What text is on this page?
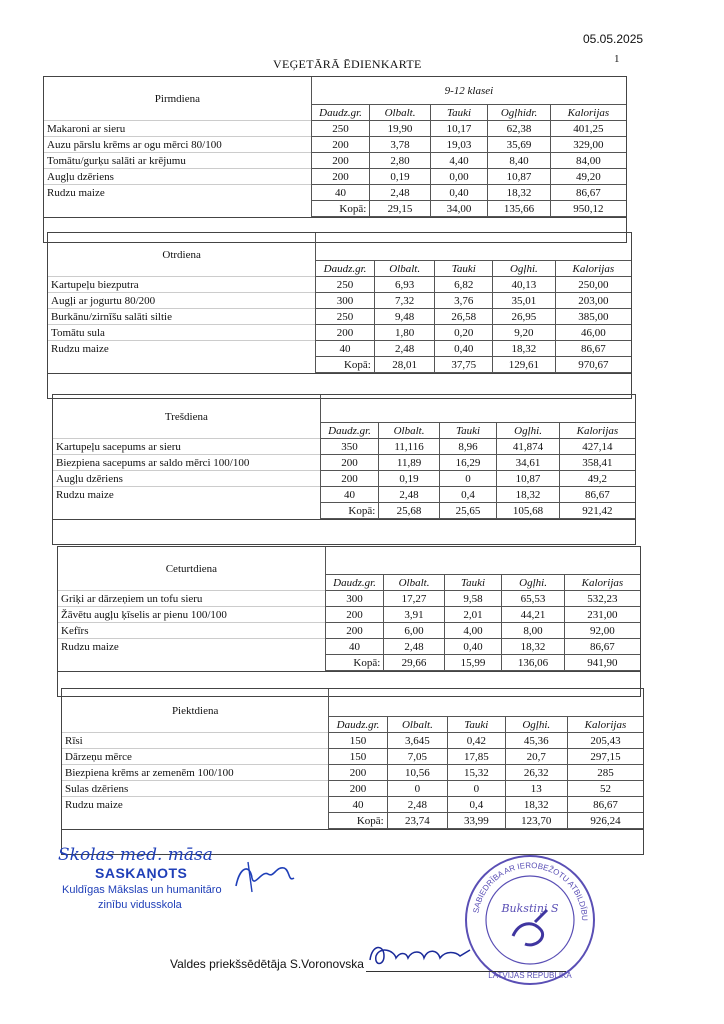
05.05.2025
1
VEĢETĀRĀ ĒDIENKARTE
Pirmdiena	9-12 klasei				
	Daudz.gr.	Olbalt.	Tauki	Ogļhidr.	Kalorijas
Makaroni ar sieru	250	19,90	10,17	62,38	401,25
Auzu pārslu krēms ar ogu mērci 80/100	200	3,78	19,03	35,69	329,00
Tomātu/gurķu salāti ar krējumu	200	2,80	4,40	8,40	84,00
Augļu dzēriens	200	0,19	0,00	10,87	49,20
Rudzu maize	40	2,48	0,40	18,32	86,67
	Kopā:	29,15	34,00	135,66	950,12
Otrdiena					
	Daudz.gr.	Olbalt.	Tauki	Ogļhi.	Kalorijas
Kartupeļu biezputra	250	6,93	6,82	40,13	250,00
Augļi ar jogurtu 80/200	300	7,32	3,76	35,01	203,00
Burkānu/zirnīšu salāti siltie	250	9,48	26,58	26,95	385,00
Tomātu sula	200	1,80	0,20	9,20	46,00
Rudzu maize	40	2,48	0,40	18,32	86,67
	Kopā:	28,01	37,75	129,61	970,67
Trešdiena					
	Daudz.gr.	Olbalt.	Tauki	Ogļhi.	Kalorijas
Kartupeļu sacepums ar sieru	350	11,116	8,96	41,874	427,14
Biezpiena sacepums ar saldo mērci 100/100	200	11,89	16,29	34,61	358,41
Augļu dzēriens	200	0,19	0	10,87	49,2
Rudzu maize	40	2,48	0,4	18,32	86,67
	Kopā:	25,68	25,65	105,68	921,42
Ceturtdiena					
	Daudz.gr.	Olbalt.	Tauki	Ogļhi.	Kalorijas
Griķi ar dārzeņiem un tofu sieru	300	17,27	9,58	65,53	532,23
Žāvētu augļu ķīselis ar pienu 100/100	200	3,91	2,01	44,21	231,00
Kefīrs	200	6,00	4,00	8,00	92,00
Rudzu maize	40	2,48	0,40	18,32	86,67
	Kopā:	29,66	15,99	136,06	941,90
Piektdiena					
	Daudz.gr.	Olbalt.	Tauki	Ogļhi.	Kalorijas
Rīsi	150	3,645	0,42	45,36	205,43
Dārzeņu mērce	150	7,05	17,85	20,7	297,15
Biezpiena krēms ar zemenēm 100/100	200	10,56	15,32	26,32	285
Sulas dzēriens	200	0	0	13	52
Rudzu maize	40	2,48	0,4	18,32	86,67
	Kopā:	23,74	33,99	123,70	926,24
Skolas med. māsa
SASKAŅOTS
Kuldīgas Mākslas un humanitāro
zinību vidusskola	SABIEDRĪBA AR IEROBEŽOTU ATBILDĪBU
LATVIJAS REPUBLIKA
Bukstiņi S
Valdes priekšsēdētāja S.Voronovska
